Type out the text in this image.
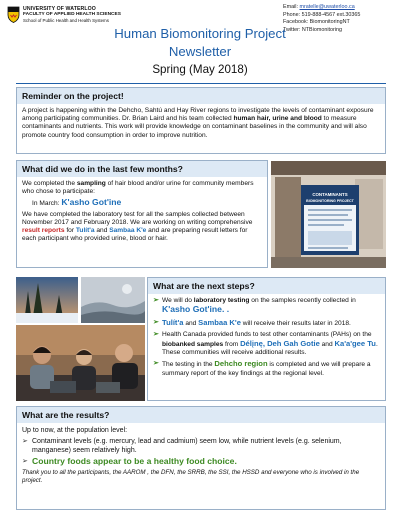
UNIVERSITY OF WATERLOO
FACULTY OF APPLIED HEALTH SCIENCES
School of Public Health and Health Systems
Email: mratelle@uwaterloo.ca
Phone: 519-888-4567 ext.30365
Facebook: BiomonitoringNT
Twitter: NTBiomonitoring
Human Biomonitoring Project
Newsletter
Spring (May 2018)
Reminder on the project!
A project is happening within the Dehcho, Sahtú and Hay River regions to investigate the levels of contaminant exposure among participating communities. Dr. Brian Laird and his team collected human hair, urine and blood to measure contaminants and nutrients. This work will provide knowledge on contaminant baselines in the community and will also promote country food consumption in order to improve nutrition.
What did we do in the last few months?
We completed the sampling of hair blood and/or urine for community members who chose to participate:
In March: K'asho Got'ine
We have completed the laboratory test for all the samples collected between November 2017 and February 2018. We are working on writing comprehensive result reports for Tulít'a and Sambaa K'e and are preparing result letters for each participant who provided urine, blood or hair.
CONTAMINANTS
BIOMONITORING PROJECT
What are the next steps?
➢ We will do laboratory testing on the samples recently collected in K'asho Got'ine. .
➢ Tulít'a and Sambaa K'e will receive their results later in 2018.
➢ Health Canada provided funds to test other contaminants (PAHs) on the biobanked samples from Délįnę, Deh Gah Gotie and Ka'a'gee Tu. These communities will receive additional results.
➢ The testing in the Dehcho region is completed and we will prepare a summary report of the key findings at the regional level.
What are the results?
Up to now, at the population level:
➢ Contaminant levels (e.g. mercury, lead and cadmium) seem low, while nutrient levels (e.g. selenium, manganese) seem relatively high.
➢ Country foods appear to be a healthy food choice.
Thank you to all the participants, the AAROM , the DFN, the SRRB, the SSI, the HSSD and everyone who is involved in the project.
